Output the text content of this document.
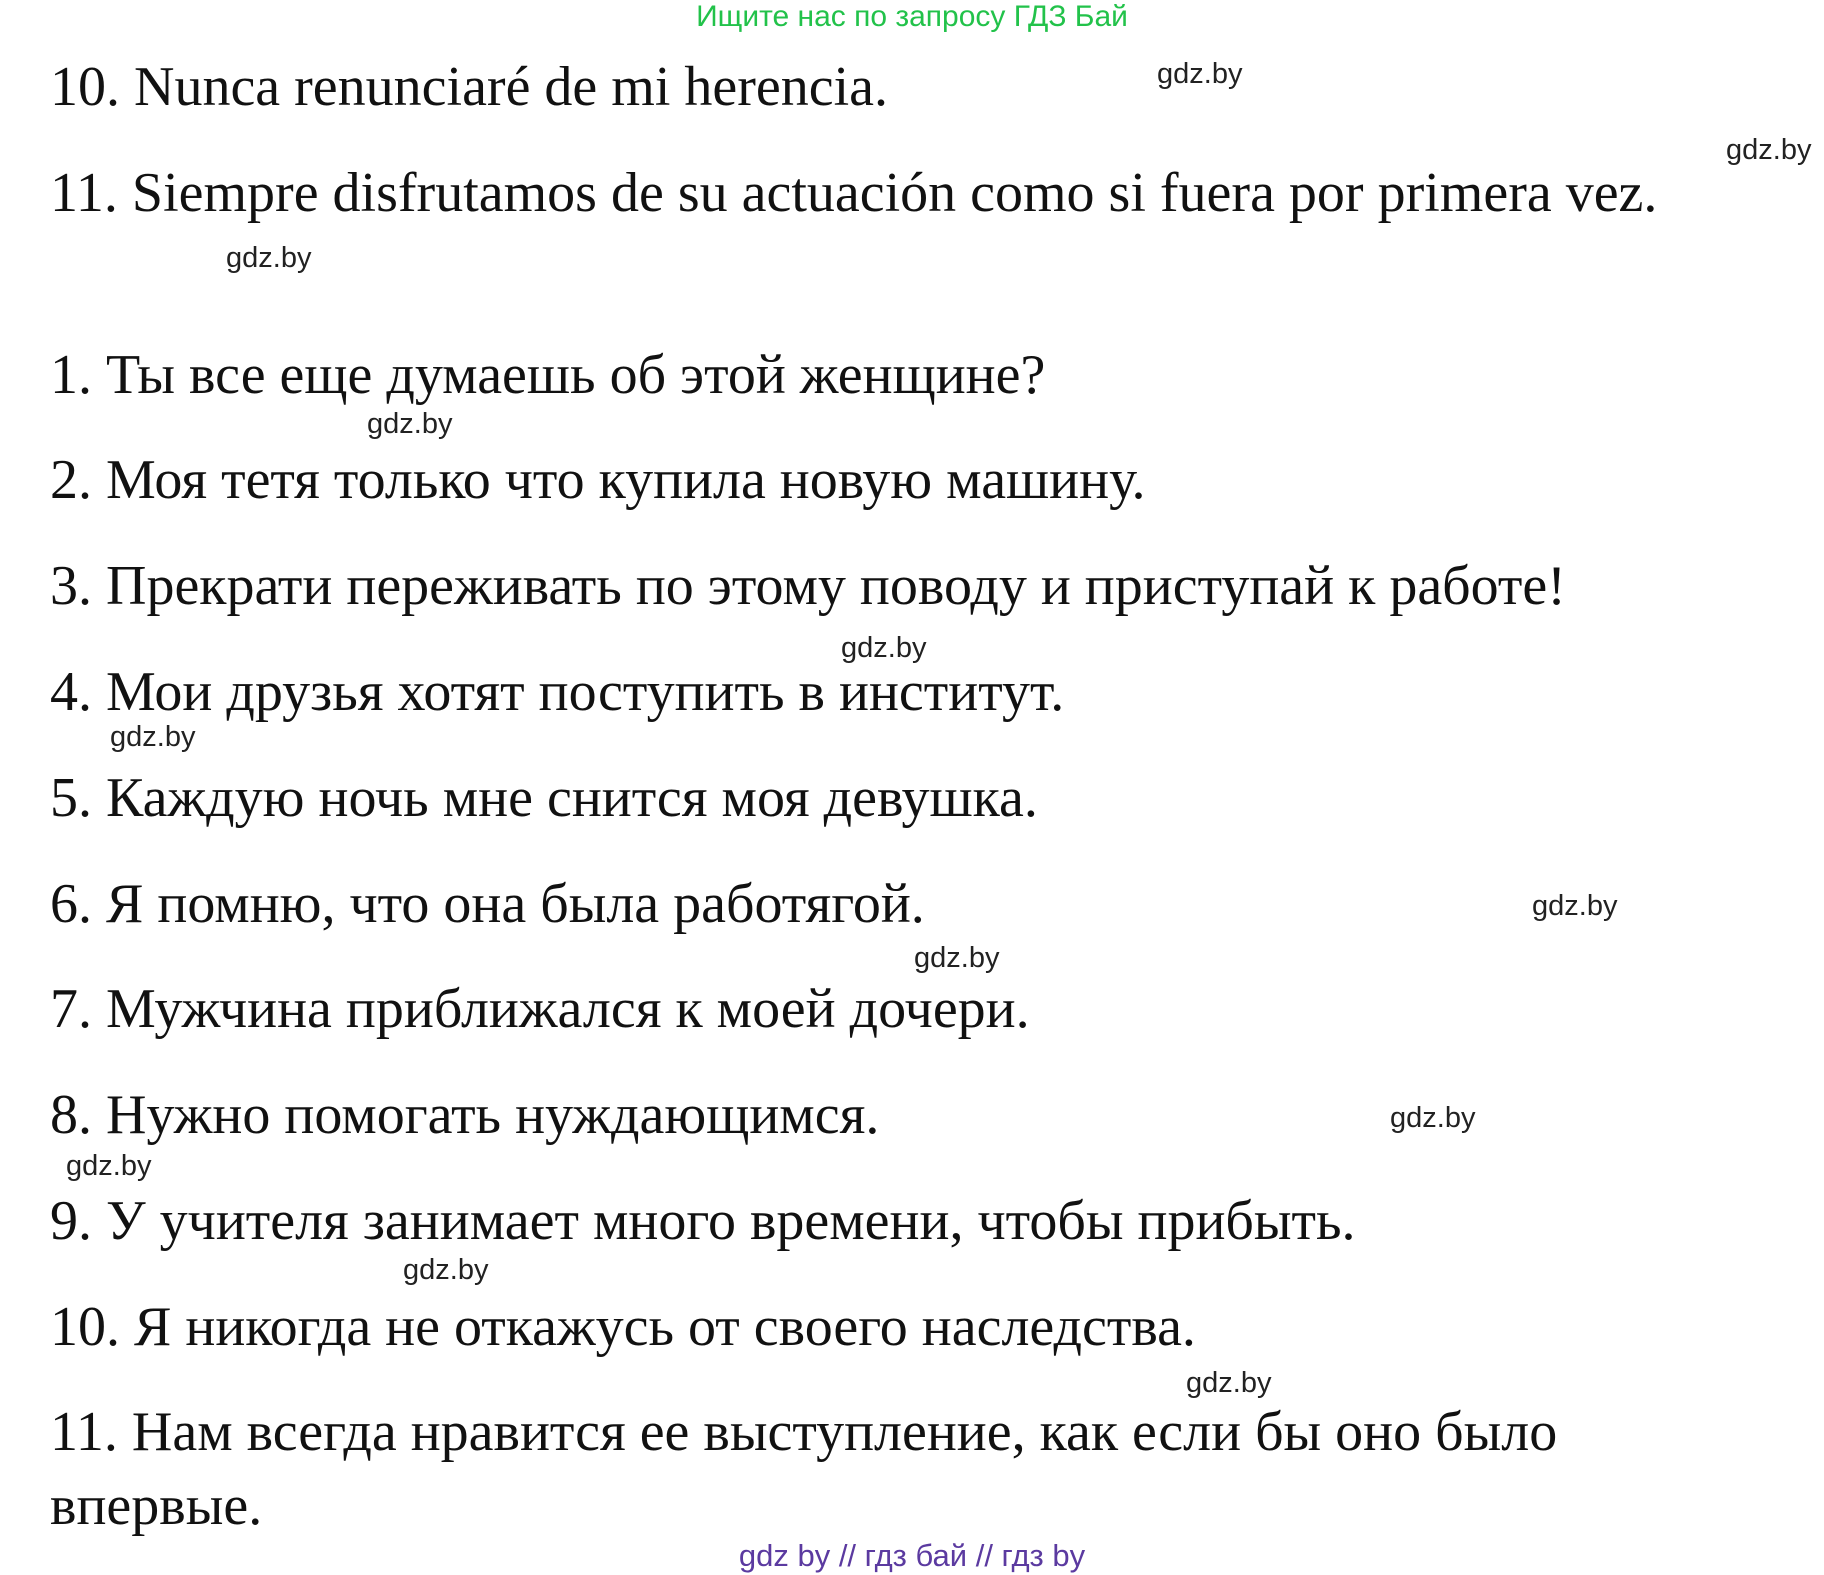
Ищите нас по запросу ГДЗ Бай
10. Nunca renunciaré de mi herencia.
11. Siempre disfrutamos de su actuación como si fuera por primera vez.
1. Ты все еще думаешь об этой женщине?
2. Моя тетя только что купила новую машину.
3. Прекрати переживать по этому поводу и приступай к работе!
4. Мои друзья хотят поступить в институт.
5. Каждую ночь мне снится моя девушка.
6. Я помню, что она была работягой.
7. Мужчина приближался к моей дочери.
8. Нужно помогать нуждающимся.
9. У учителя занимает много времени, чтобы прибыть.
10. Я никогда не откажусь от своего наследства.
11. Нам всегда нравится ее выступление, как если бы оно было
впервые.
gdz.by
gdz.by
gdz.by
gdz.by
gdz.by
gdz.by
gdz.by
gdz.by
gdz.by
gdz.by
gdz.by
gdz.by
gdz by // гдз бай // гдз by
